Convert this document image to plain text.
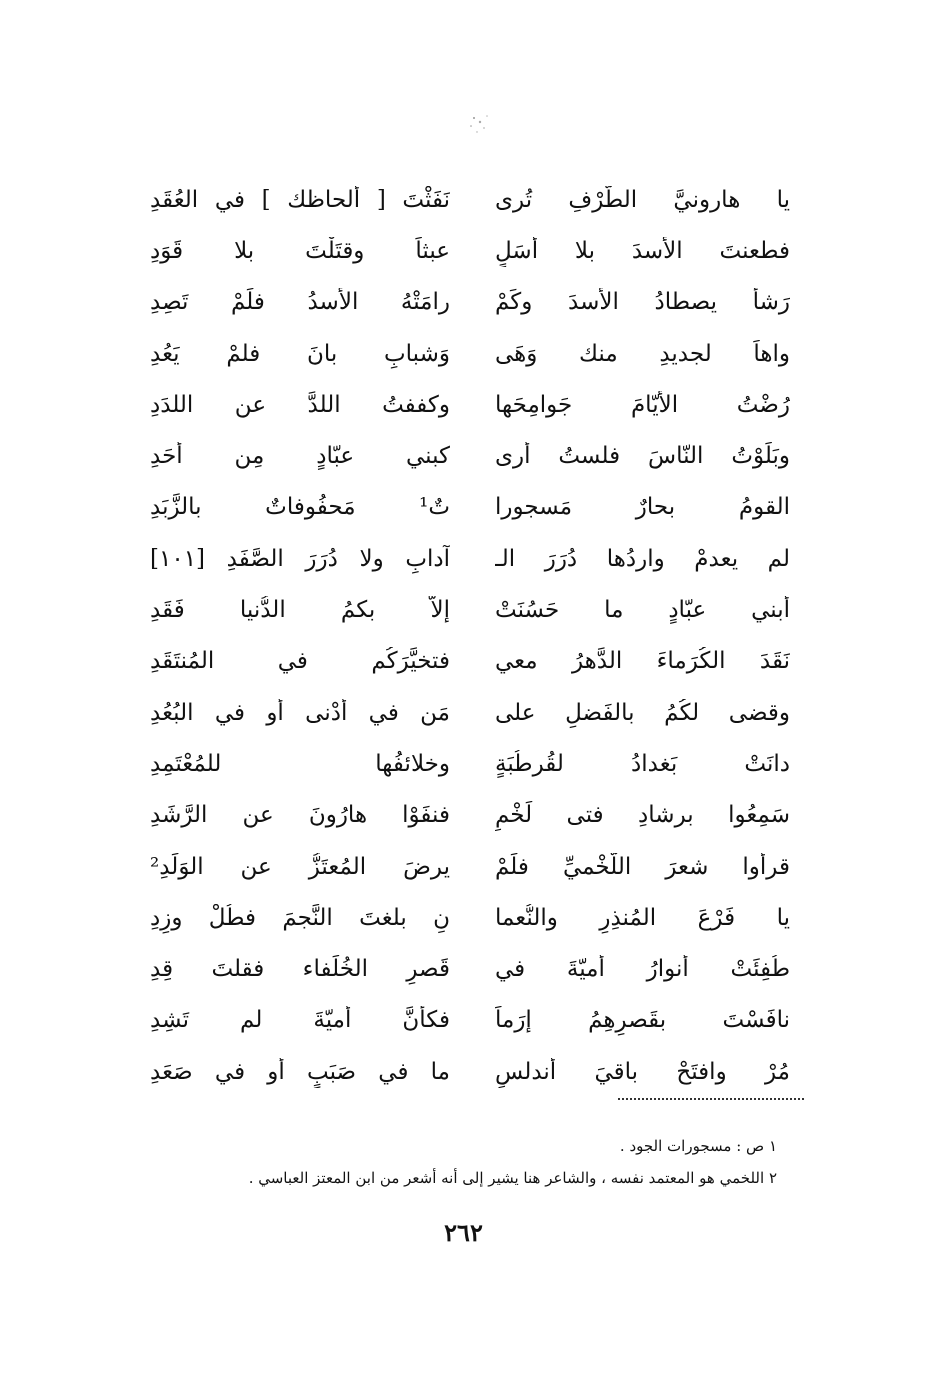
يا هارونيَّ الطَّرْفِ تُرى
نَفَثْتَ [ ألحاظك ] في العُقَدِ
فطعنتَ الأسدَ بلا أسَلٍ
عبثاً وقتَلْتَ بلا قَوَدِ
رَشأٌ يصطادُ الأسدَ وكَمْ
رامَتْهُ الأسدُ فلَمْ تَصِدِ
واهاً لجديدِ منك وَهَى
وَشبابِ بانَ فلمْ يَعُدِ
رُضْتُ الأيّامَ جَوامِحَها
وكففتُ اللدَّ عن اللدَدِ
وبَلَوْتُ النّاسَ فلستُ أرى
كبني عبّادٍ مِن أحَدِ
القومُ بحارٌ مَسجورا
تٌ¹ مَحفُوفاتٌ بالزَّبَدِ
لم يعدمْ واردُها دُرَرَ الـ
آدابِ ولا دُرَرَ الصَّفَدِ [١٠١]
أبني عبّادٍ ما حَسُنَتْ
إلاّ بكمُ الدُّنيا فَقَدِ
نَقَدَ الكُرَماءَ الدَّهرُ معي
فتخيَّرَكُم في المُنتَقَدِ
وقضى لكُمُ بالفَضلِ على
مَن في أدْنى أو في البُعُدِ
دانَتْ بَغدادُ لقُرطُبَةٍ
وخلائفُها للمُعْتَمِدِ
سَمِعُوا برشادِ فتى لَخْمٍ
فنفَوْا هارُونَ عن الرَّشَدِ
قرأوا شعرَ اللَّخْميِّ فلَمْ
يرضَ المُعتَزُّ عن الوَلَدِ²
يا فَرْعَ المُنذِرِ والنُّعما
نِ بلغتَ النَّجمَ فطُلْ وزِدِ
طُفِئَتْ أنوارُ أميّةَ في
قَصرِ الخُلَفاء فقلتَ قِدِ
نافَسْتَ بقَصرِهِمُ إرَماً
فكأنَّ أميّةَ لم تَشِدِ
مُرْ وافتَحْ باقيَ أندلسٍ
ما في صَبَبٍ أو في صَعَدِ
١ ص : مسجورات الجود .
٢ اللخمي هو المعتمد نفسه ، والشاعر هنا يشير إلى أنه أشعر من ابن المعتز العباسي .
٢٦٢
